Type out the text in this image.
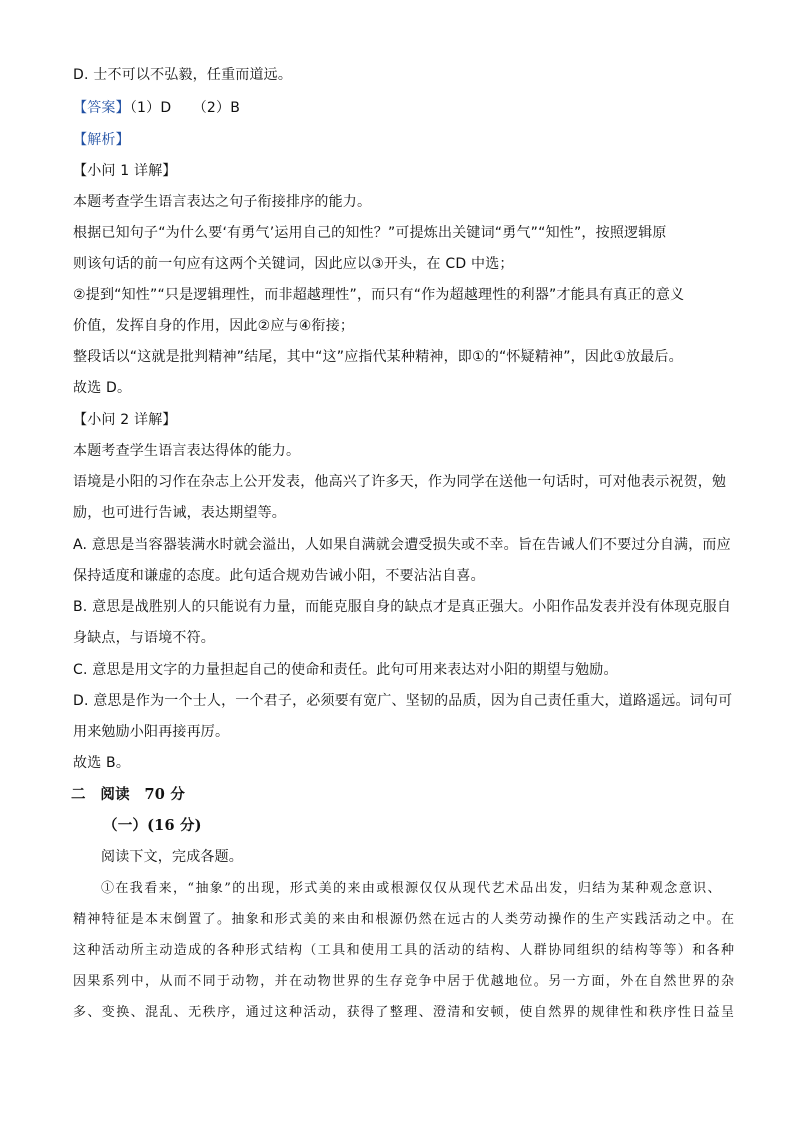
D. 士不可以不弘毅，任重而道远。
【答案】（1）D　　（2）B
【解析】
【小问 1 详解】
本题考查学生语言表达之句子衔接排序的能力。
根据已知句子“为什么要‘有勇气’运用自己的知性？”可提炼出关键词“勇气”“知性”，按照逻辑原
则该句话的前一句应有这两个关键词，因此应以③开头，在 CD 中选；
②提到“知性”“只是逻辑理性，而非超越理性”，而只有“作为超越理性的利器”才能具有真正的意义
价值，发挥自身的作用，因此②应与④衔接；
整段话以“这就是批判精神”结尾，其中“这”应指代某种精神，即①的“怀疑精神”，因此①放最后。
故选 D。
【小问 2 详解】
本题考查学生语言表达得体的能力。
语境是小阳的习作在杂志上公开发表，他高兴了许多天，作为同学在送他一句话时，可对他表示祝贺，勉
励，也可进行告诫，表达期望等。
A. 意思是当容器装满水时就会溢出，人如果自满就会遭受损失或不幸。旨在告诫人们不要过分自满，而应
保持适度和谦虚的态度。此句适合规劝告诫小阳，不要沾沾自喜。
B. 意思是战胜别人的只能说有力量，而能克服自身的缺点才是真正强大。小阳作品发表并没有体现克服自
身缺点，与语境不符。
C. 意思是用文字的力量担起自己的使命和责任。此句可用来表达对小阳的期望与勉励。
D. 意思是作为一个士人，一个君子，必须要有宽广、坚韧的品质，因为自己责任重大，道路遥远。词句可
用来勉励小阳再接再厉。
故选 B。
二　阅读　70 分
（一）(16 分)
阅读下文，完成各题。
①在我看来，“抽象”的出现，形式美的来由或根源仅仅从现代艺术品出发，归结为某种观念意识、
精神特征是本末倒置了。抽象和形式美的来由和根源仍然在远古的人类劳动操作的生产实践活动之中。在
这种活动所主动造成的各种形式结构（工具和使用工具的活动的结构、人群协同组织的结构等等）和各种
因果系列中，从而不同于动物，并在动物世界的生存竞争中居于优越地位。另一方面，外在自然世界的杂
多、变换、混乱、无秩序，通过这种活动，获得了整理、澄清和安顿，使自然界的规律性和秩序性日益呈
